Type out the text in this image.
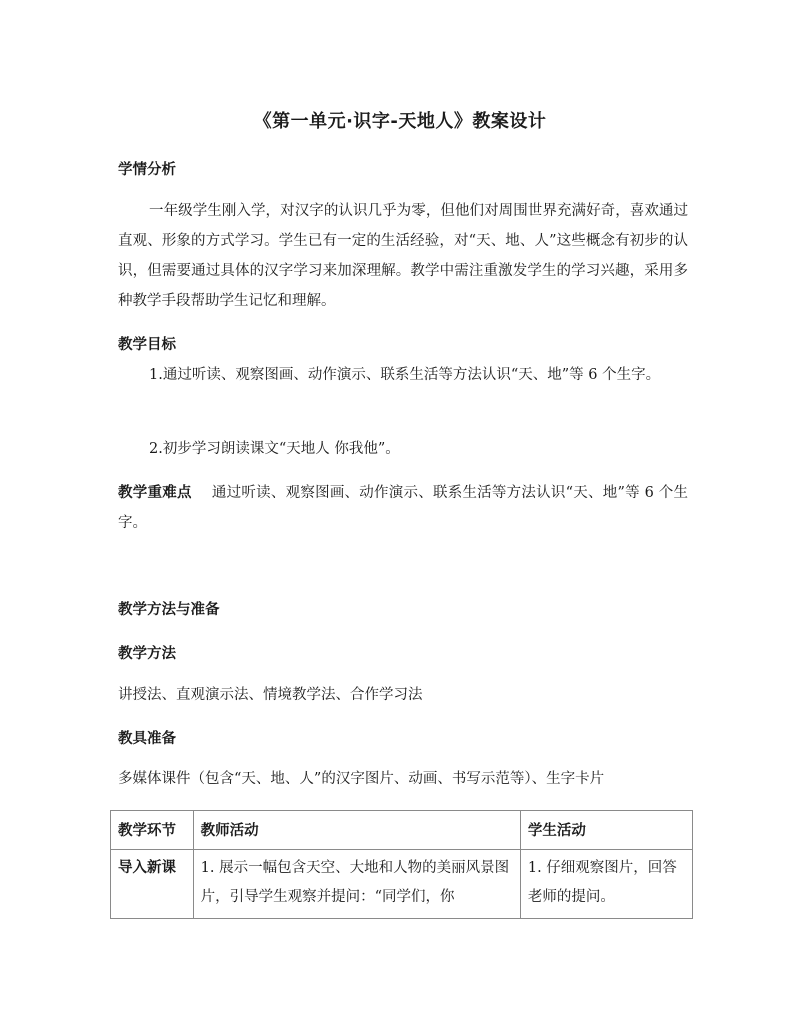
《第一单元·识字-天地人》教案设计
学情分析
一年级学生刚入学，对汉字的认识几乎为零，但他们对周围世界充满好奇，喜欢通过直观、形象的方式学习。学生已有一定的生活经验，对“天、地、人”这些概念有初步的认识，但需要通过具体的汉字学习来加深理解。教学中需注重激发学生的学习兴趣，采用多种教学手段帮助学生记忆和理解。
教学目标
1.通过听读、观察图画、动作演示、联系生活等方法认识“天、地”等 6 个生字。
2.初步学习朗读课文“天地人 你我他”。
教学重难点 通过听读、观察图画、动作演示、联系生活等方法认识“天、地”等 6 个生字。
教学方法与准备
教学方法
讲授法、直观演示法、情境教学法、合作学习法
教具准备
多媒体课件（包含“天、地、人”的汉字图片、动画、书写示范等）、生字卡片
教学环节	教师活动	学生活动
导入新课	1. 展示一幅包含天空、大地和人物的美丽风景图片，引导学生观察并提问：“同学们，你	1. 仔细观察图片，回答老师的提问。
